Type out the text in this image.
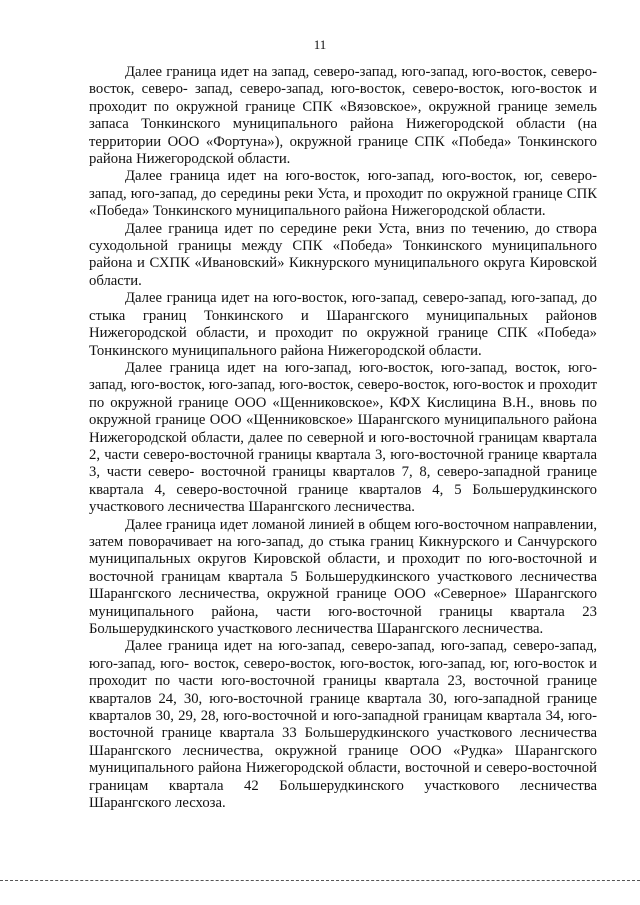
11

Далее граница идет на запад, северо-запад, юго-запад, юго-восток, северо-восток, северо- запад, северо-запад, юго-восток, северо-восток, юго-восток и проходит по окружной границе СПК «Вязовское», окружной границе земель запаса Тонкинского муниципального района Нижегородской области (на территории ООО «Фортуна»), окружной границе СПК «Победа» Тонкинского района Нижегородской области.

Далее граница идет на юго-восток, юго-запад, юго-восток, юг, северо-запад, юго-запад, до середины реки Уста, и проходит по окружной границе СПК «Победа» Тонкинского муниципального района Нижегородской области.

Далее граница идет по середине реки Уста, вниз по течению, до створа суходольной границы между СПК «Победа» Тонкинского муниципального района и СХПК «Ивановский» Кикнурского муниципального округа Кировской области.

Далее граница идет на юго-восток, юго-запад, северо-запад, юго-запад, до стыка границ Тонкинского и Шарангского муниципальных районов Нижегородской области, и проходит по окружной границе СПК «Победа» Тонкинского муниципального района Нижегородской области.

Далее граница идет на юго-запад, юго-восток, юго-запад, восток, юго-запад, юго-восток, юго-запад, юго-восток, северо-восток, юго-восток и проходит по окружной границе ООО «Щенниковское», КФХ Кислицина В.Н., вновь по окружной границе ООО «Щенниковское» Шарангского муниципального района Нижегородской области, далее по северной и юго-восточной границам квартала 2, части северо-восточной границы квартала 3, юго-восточной границе квартала 3, части северо- восточной границы кварталов 7, 8, северо-западной границе квартала 4, северо-восточной границе кварталов 4, 5 Большерудкинского участкового лесничества Шарангского лесничества.

Далее граница идет ломаной линией в общем юго-восточном направлении, затем поворачивает на юго-запад, до стыка границ Кикнурского и Санчурского муниципальных округов Кировской области, и проходит по юго-восточной и восточной границам квартала 5 Большерудкинского участкового лесничества Шарангского лесничества, окружной границе ООО «Северное» Шарангского муниципального района, части юго-восточной границы квартала 23 Большерудкинского участкового лесничества Шарангского лесничества.

Далее граница идет на юго-запад, северо-запад, юго-запад, северо-запад, юго-запад, юго- восток, северо-восток, юго-восток, юго-запад, юг, юго-восток и проходит по части юго-восточной границы квартала 23, восточной границе кварталов 24, 30, юго-восточной границе квартала 30, юго-западной границе кварталов 30, 29, 28, юго-восточной и юго-западной границам квартала 34, юго-восточной границе квартала 33 Большерудкинского участкового лесничества Шарангского лесничества, окружной границе ООО «Рудка» Шарангского муниципального района Нижегородской области, восточной и северо-восточной границам квартала 42 Большерудкинского участкового лесничества Шарангского лесхоза.
